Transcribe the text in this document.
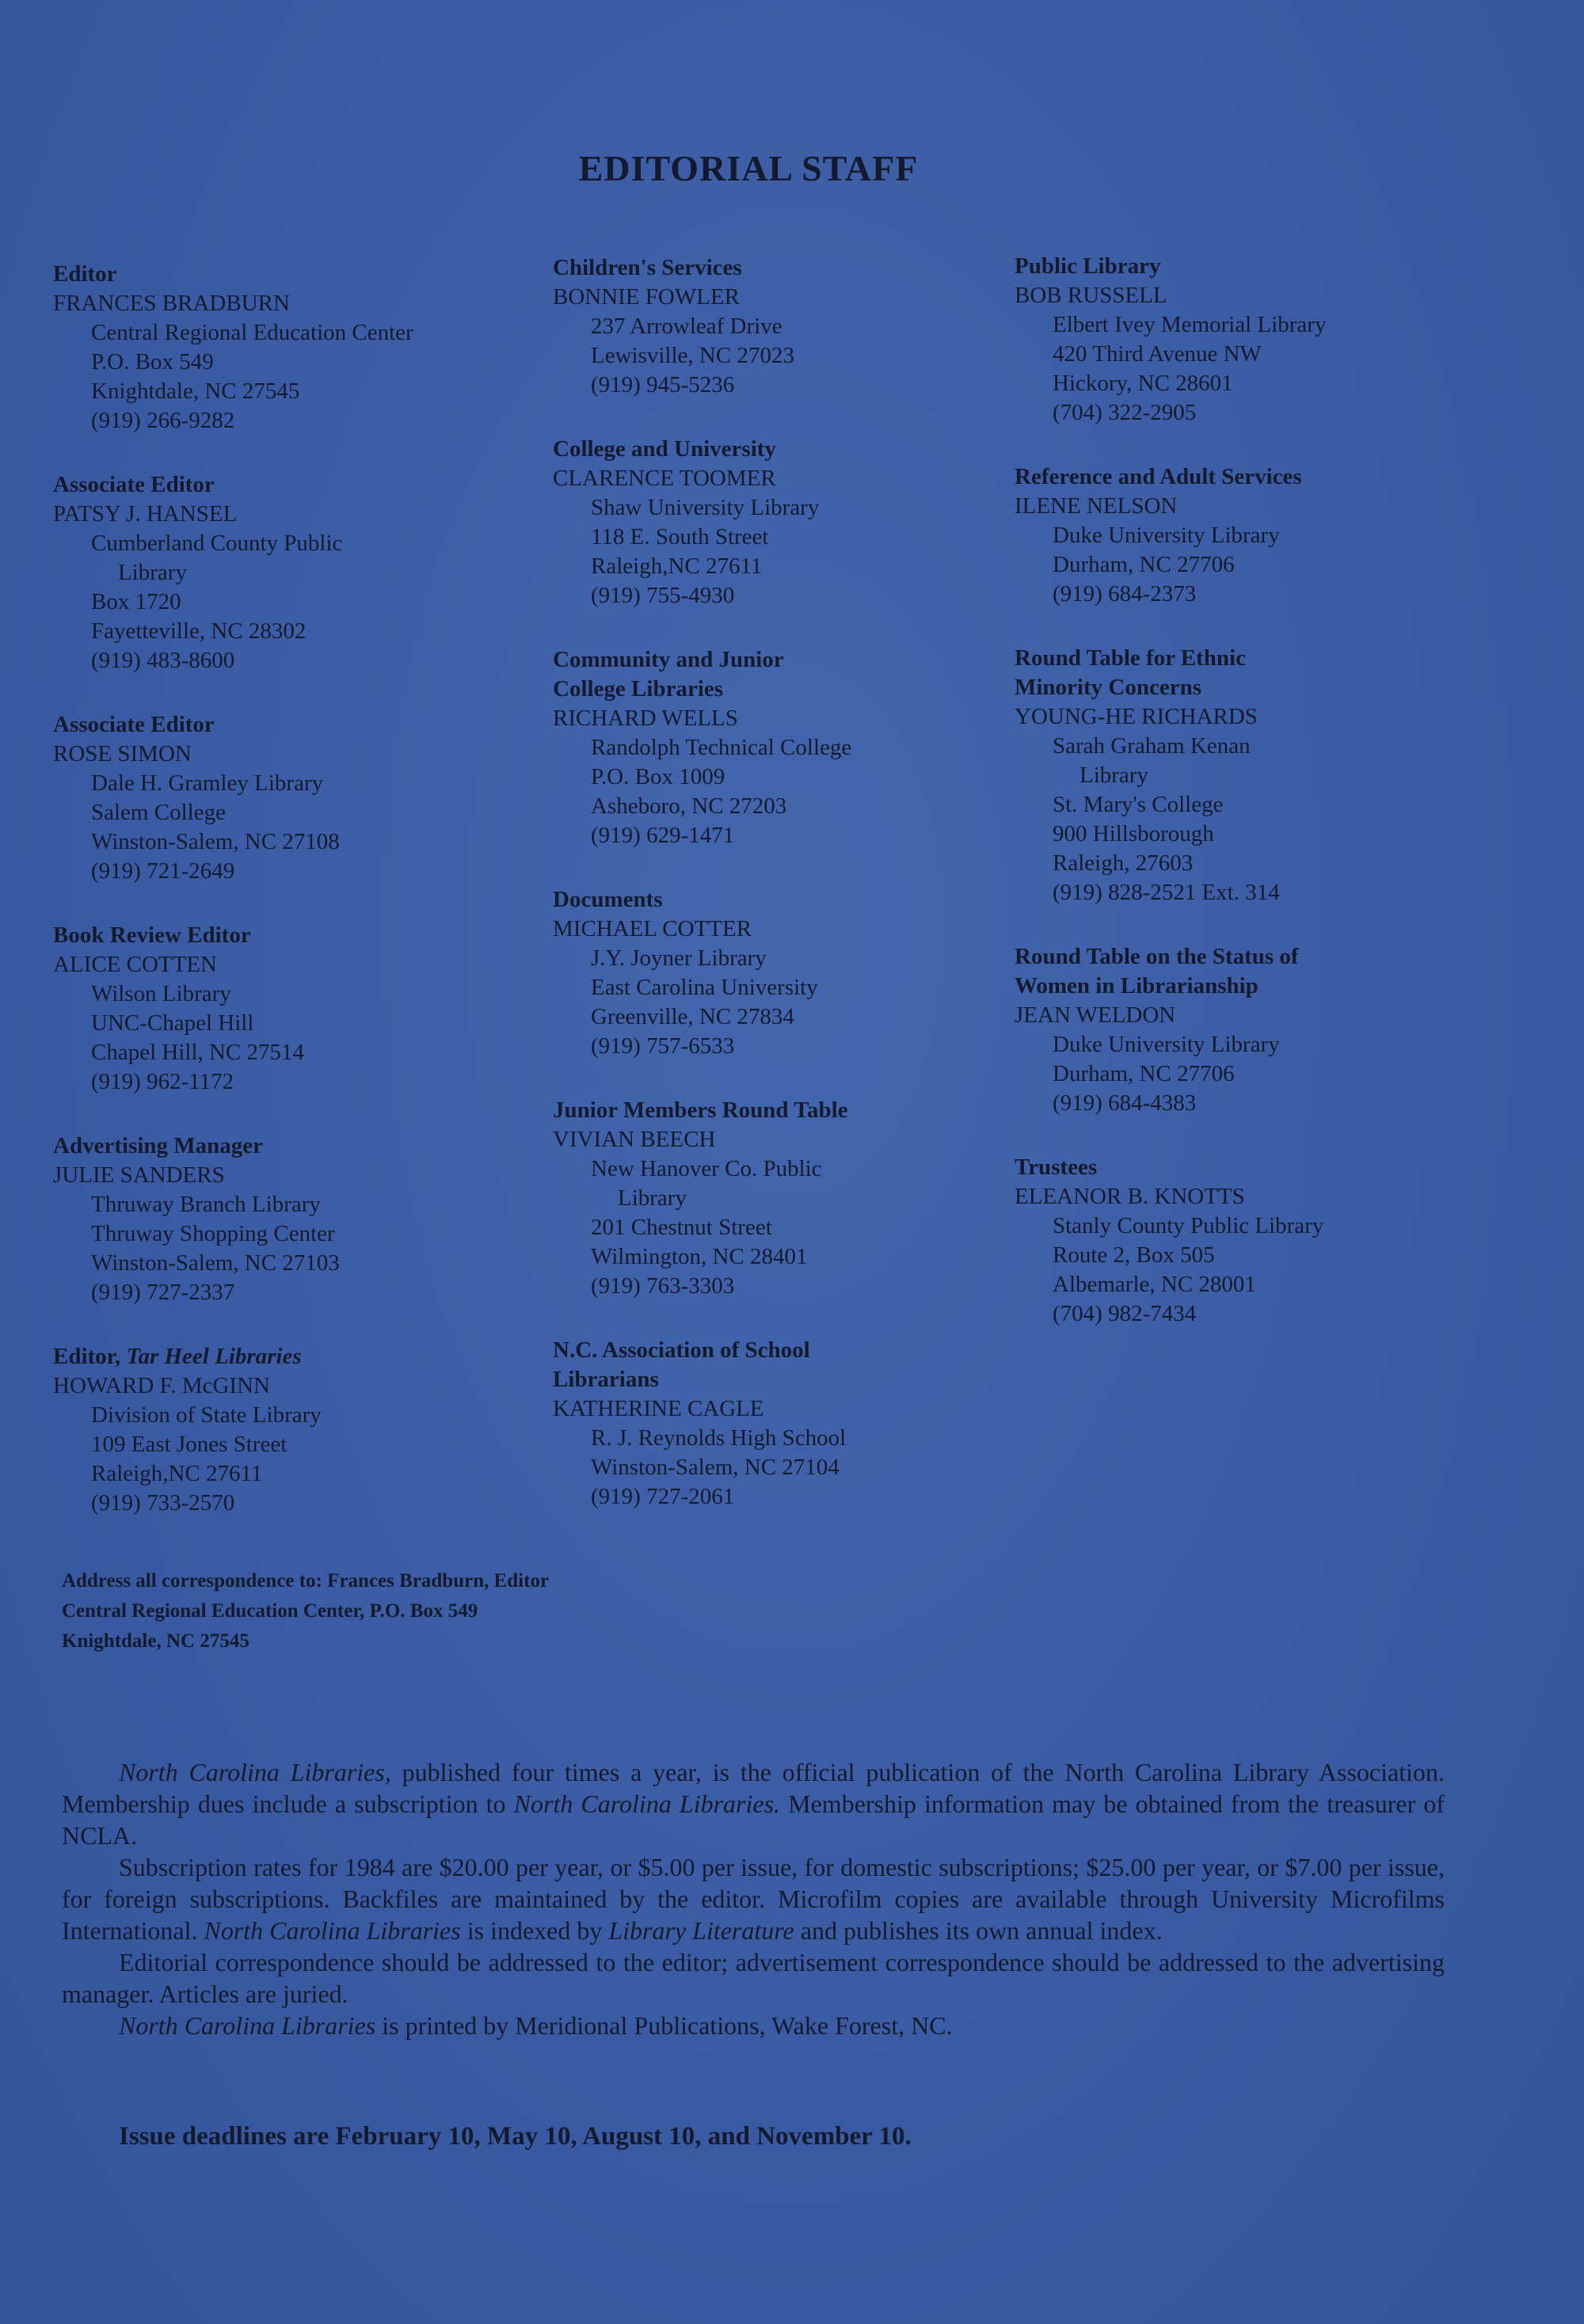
EDITORIAL STAFF
Editor
FRANCES BRADBURN
Central Regional Education Center
P.O. Box 549
Knightdale, NC 27545
(919) 266-9282
Associate Editor
PATSY J. HANSEL
Cumberland County Public
Library
Box 1720
Fayetteville, NC 28302
(919) 483-8600
Associate Editor
ROSE SIMON
Dale H. Gramley Library
Salem College
Winston-Salem, NC 27108
(919) 721-2649
Book Review Editor
ALICE COTTEN
Wilson Library
UNC-Chapel Hill
Chapel Hill, NC 27514
(919) 962-1172
Advertising Manager
JULIE SANDERS
Thruway Branch Library
Thruway Shopping Center
Winston-Salem, NC 27103
(919) 727-2337
Editor, Tar Heel Libraries
HOWARD F. McGINN
Division of State Library
109 East Jones Street
Raleigh,NC 27611
(919) 733-2570
Children's Services
BONNIE FOWLER
237 Arrowleaf Drive
Lewisville, NC 27023
(919) 945-5236
College and University
CLARENCE TOOMER
Shaw University Library
118 E. South Street
Raleigh,NC 27611
(919) 755-4930
Community and Junior
College Libraries
RICHARD WELLS
Randolph Technical College
P.O. Box 1009
Asheboro, NC 27203
(919) 629-1471
Documents
MICHAEL COTTER
J.Y. Joyner Library
East Carolina University
Greenville, NC 27834
(919) 757-6533
Junior Members Round Table
VIVIAN BEECH
New Hanover Co. Public
Library
201 Chestnut Street
Wilmington, NC 28401
(919) 763-3303
N.C. Association of School
Librarians
KATHERINE CAGLE
R. J. Reynolds High School
Winston-Salem, NC 27104
(919) 727-2061
Public Library
BOB RUSSELL
Elbert Ivey Memorial Library
420 Third Avenue NW
Hickory, NC 28601
(704) 322-2905
Reference and Adult Services
ILENE NELSON
Duke University Library
Durham, NC 27706
(919) 684-2373
Round Table for Ethnic
Minority Concerns
YOUNG-HE RICHARDS
Sarah Graham Kenan
Library
St. Mary's College
900 Hillsborough
Raleigh, 27603
(919) 828-2521 Ext. 314
Round Table on the Status of
Women in Librarianship
JEAN WELDON
Duke University Library
Durham, NC 27706
(919) 684-4383
Trustees
ELEANOR B. KNOTTS
Stanly County Public Library
Route 2, Box 505
Albemarle, NC 28001
(704) 982-7434
Address all correspondence to: Frances Bradburn, Editor
Central Regional Education Center, P.O. Box 549
Knightdale, NC 27545

North Carolina Libraries, published four times a year, is the official publication of the North Carolina Library Association. Membership dues include a subscription to North Carolina Libraries. Membership information may be obtained from the treasurer of NCLA.

Subscription rates for 1984 are $20.00 per year, or $5.00 per issue, for domestic subscriptions; $25.00 per year, or $7.00 per issue, for foreign subscriptions. Backfiles are maintained by the editor. Microfilm copies are available through University Microfilms International. North Carolina Libraries is indexed by Library Literature and publishes its own annual index.

Editorial correspondence should be addressed to the editor; advertisement correspondence should be addressed to the advertising manager. Articles are juried.

North Carolina Libraries is printed by Meridional Publications, Wake Forest, NC.

Issue deadlines are February 10, May 10, August 10, and November 10.
